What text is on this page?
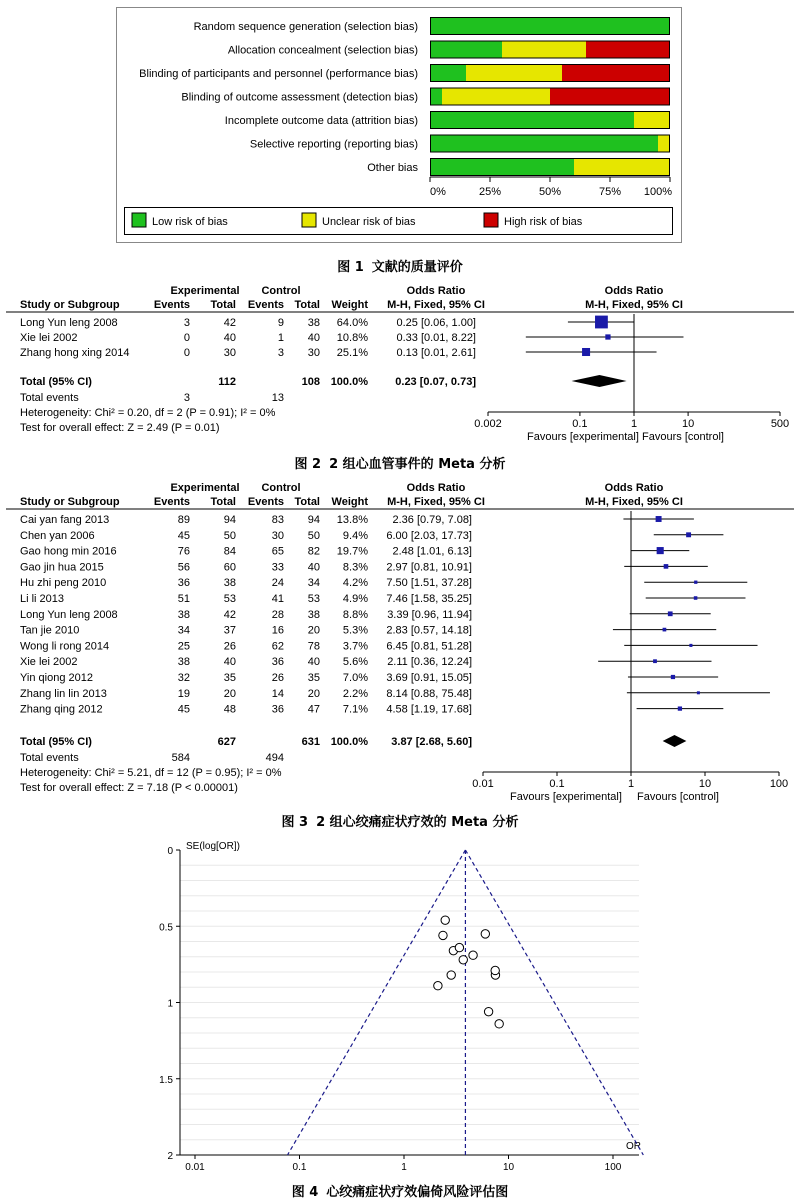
Random sequence generation (selection bias)
Allocation concealment (selection bias)
Blinding of participants and personnel (performance bias)
Blinding of outcome assessment (detection bias)
Incomplete outcome data (attrition bias)
Selective reporting (reporting bias)
Other bias
0%	25%	50%	75% 100%
Low risk of bias	Unclear risk of bias	High risk of bias
图 1 文献的质量评价
Experimental Control	Odds Ratio	Odds Ratio
Study or Subgroup	Events Total Events Total Weight M-H, Fixed, 95% CI	M-H, Fixed, 95% CI
Long Yun leng 2008	3	42	9 38 64.0%	0.25 [0.06, 1.00]
Xie lei 2002	0	40	1 40 10.8%	0.33 [0.01, 8.22]
Zhang hong xing 2014	0	30	3 30 25.1%	0.13 [0.01, 2.61]
0.002	0.1	1	10	500
Total (95% CI)	112	108 100.0% 0.23 [0.07, 0.73]
Total events	3	13
Heterogeneity: Chi² = 0.20, df = 2 (P = 0.91); I² = 0%
Test for overall effect: Z = 2.49 (P = 0.01)
Favours [experimental] Favours [control]
图 2 2 组心血管事件的 Meta 分析
Experimental Control	Odds Ratio	Odds Ratio
Study or Subgroup	Events Total Events Total Weight M-H, Fixed, 95% CI	M-H, Fixed, 95% CI
Cai yan fang 2013	89	94	83 94 13.8% 2.36 [0.79, 7.08]
Chen yan 2006	45	50	30 50 9.4% 6.00 [2.03, 17.73]
Gao hong min 2016	76	84	65 82 19.7% 2.48 [1.01, 6.13]
Gao jin hua 2015	56	60	33 40 8.3% 2.97 [0.81, 10.91]
Hu zhi peng 2010	36	38	24 34 4.2% 7.50 [1.51, 37.28]
Li li 2013	51	53	41 53 4.9% 7.46 [1.58, 35.25]
Long Yun leng 2008	38	42	28 38 8.8% 3.39 [0.96, 11.94]
Tan jie 2010	34	37	16 20 5.3% 2.83 [0.57, 14.18]
Wong li rong 2014	25	26	62 78 3.7% 6.45 [0.81, 51.28]
Xie lei 2002	38	40	36 40 5.6% 2.11 [0.36, 12.24]
Yin qiong 2012	32	35	26 35 7.0% 3.69 [0.91, 15.05]
Zhang lin lin 2013	19	20	14 20 2.2% 8.14 [0.88, 75.48]
Zhang qing 2012	45	48	36 47 7.1% 4.58 [1.19, 17.68]
0.01	0.1	1	10	100
Total (95% CI)	627	631 100.0% 3.87 [2.68, 5.60]
Total events	584	494
Heterogeneity: Chi² = 5.21, df = 12 (P = 0.95); I² = 0%
Test for overall effect: Z = 7.18 (P < 0.00001)
Favours [experimental] Favours [control]
图 3 2 组心绞痛症状疗效的 Meta 分析
0
0.5
1
1.5
2
0.01	0.1	1	10	100
SE(log[OR])
OR
图 4 心绞痛症状疗效偏倚风险评估图
